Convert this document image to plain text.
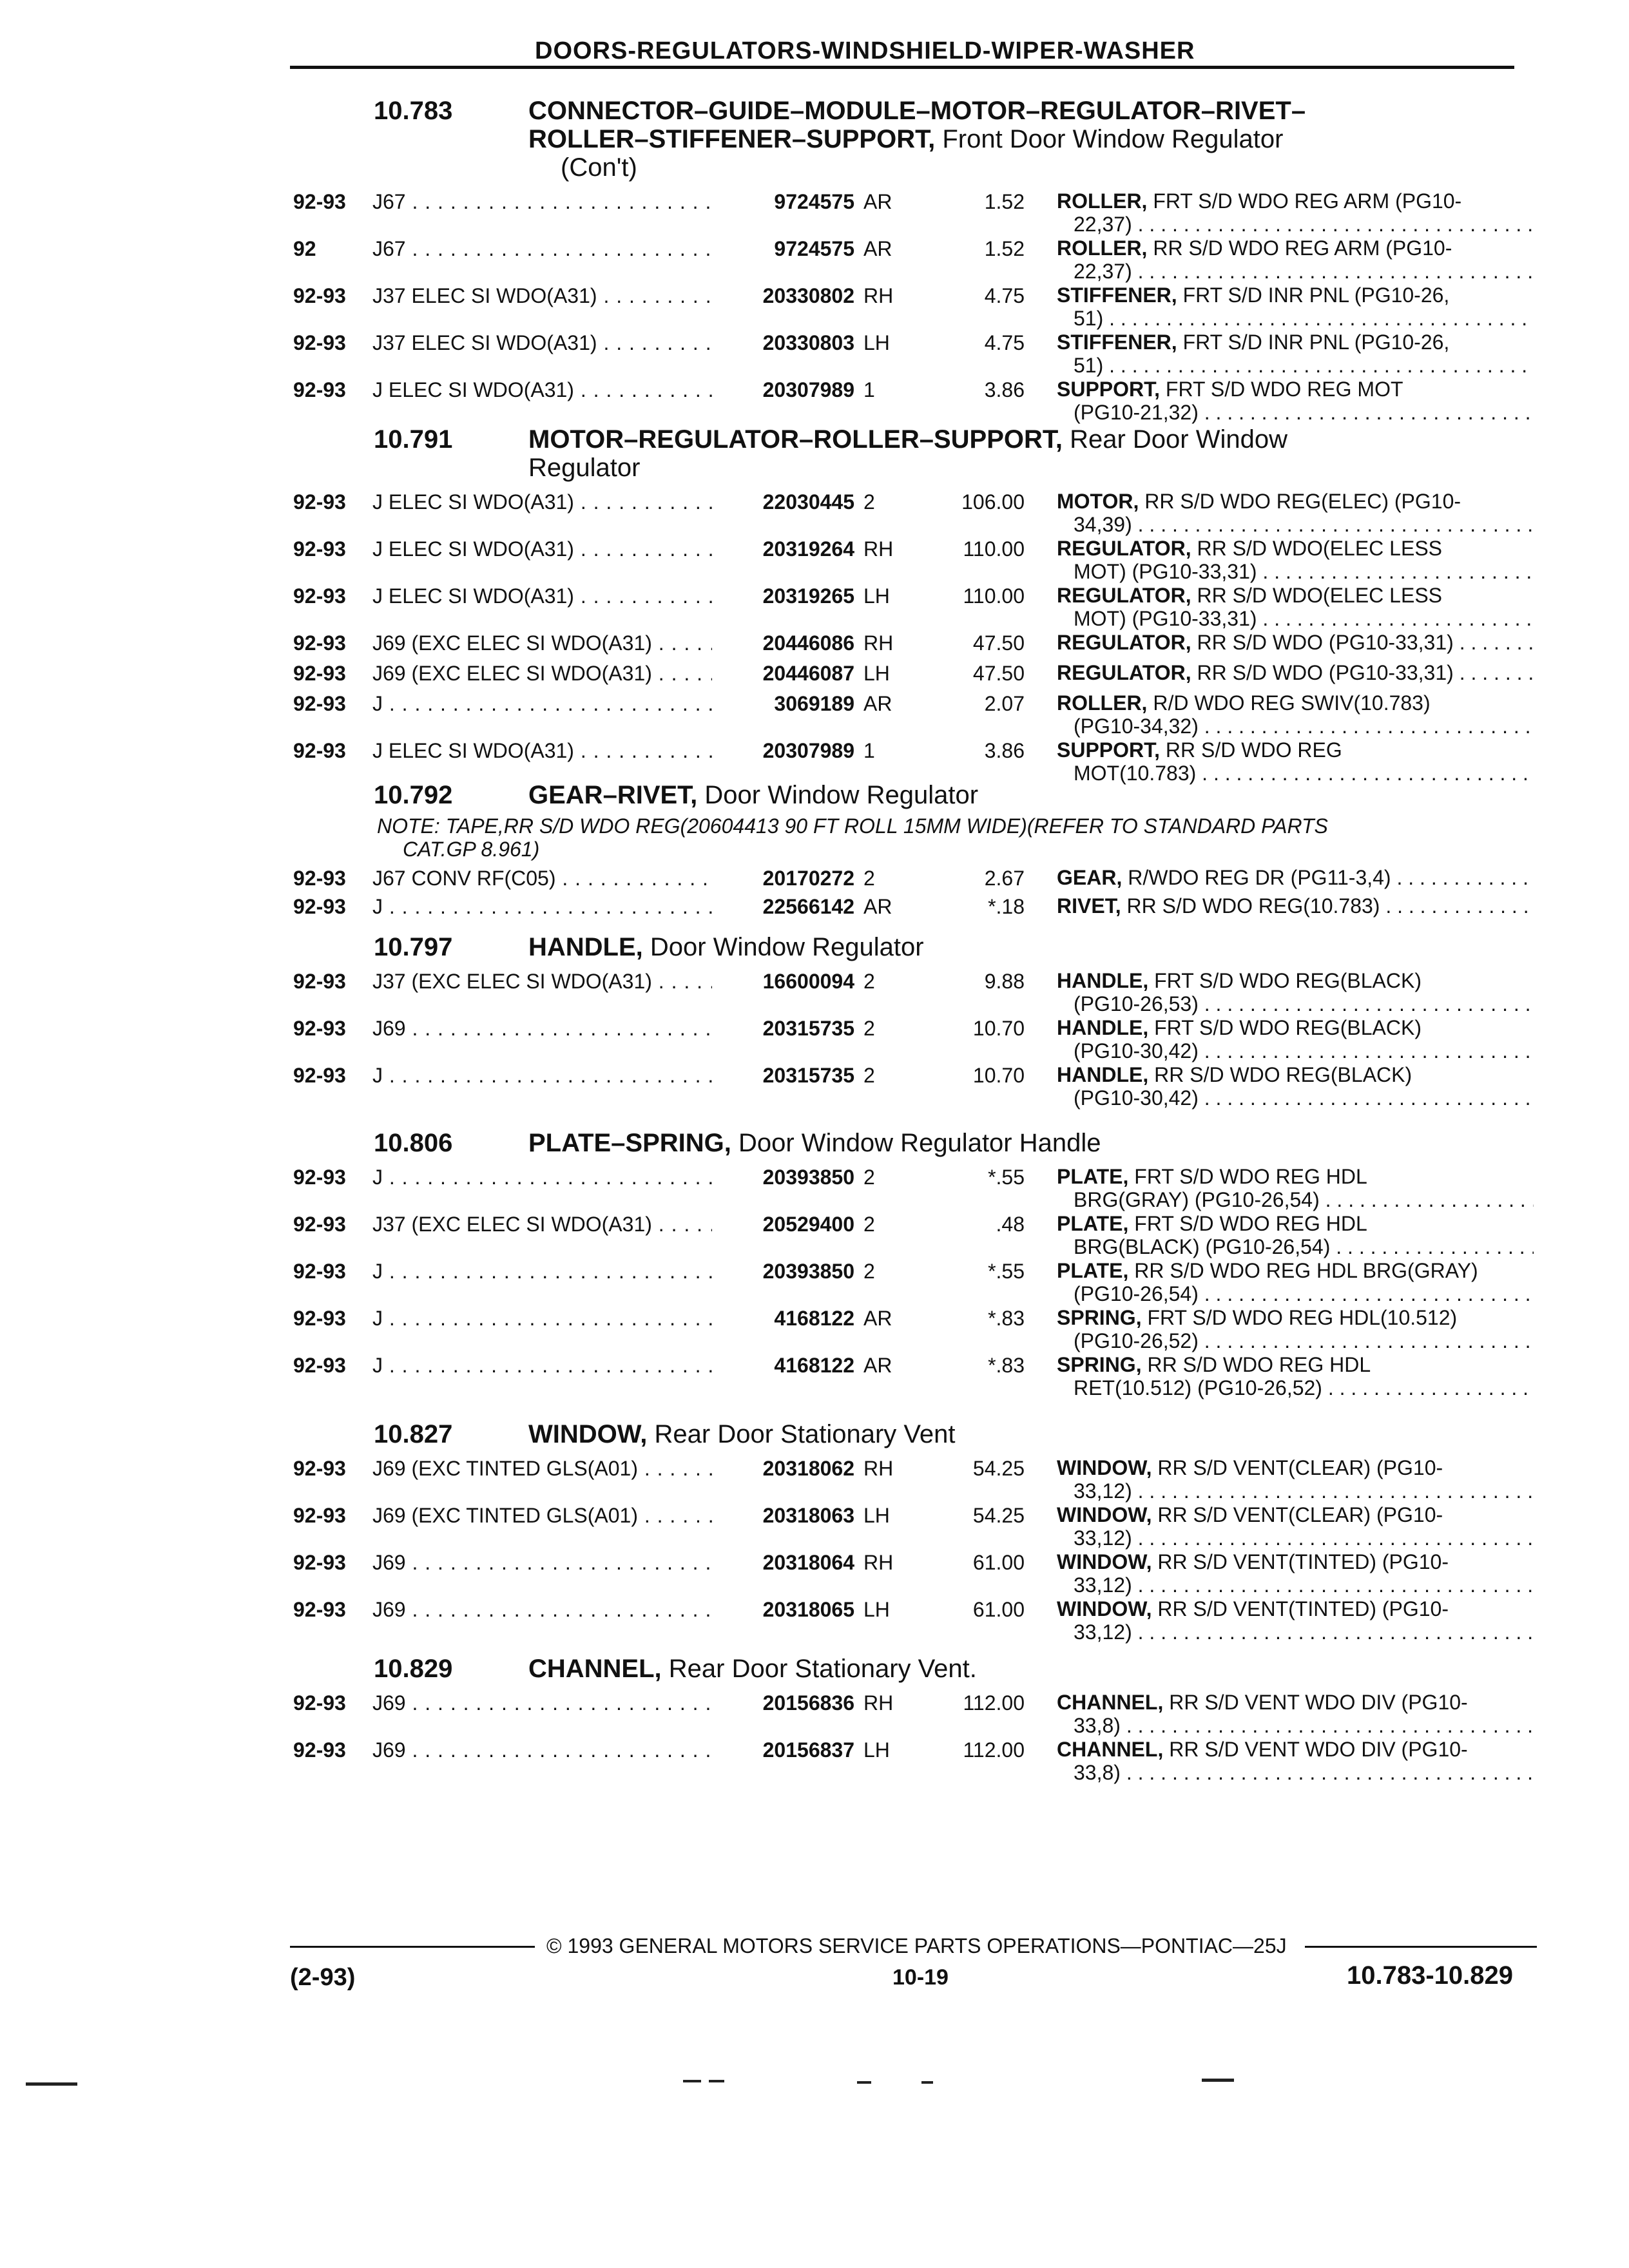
DOORS-REGULATORS-WINDSHIELD-WIPER-WASHER
10.783	CONNECTOR–GUIDE–MODULE–MOTOR–REGULATOR–RIVET–
ROLLER–STIFFENER–SUPPORT, Front Door Window Regulator
(Con't)
92-93 J67 . . .	9724575 AR	1.52 ROLLER, FRT S/D WDO REG ARM (PG10-
22,37) . . .
92	J67 . . .	9724575 AR	1.52 ROLLER, RR S/D WDO REG ARM (PG10-
22,37) . . .
92-93 J37 ELEC SI WDO(A31) . . .	20330802 RH	4.75 STIFFENER, FRT S/D INR PNL (PG10-26,
51) . . .
92-93 J37 ELEC SI WDO(A31) . . .	20330803 LH	4.75 STIFFENER, FRT S/D INR PNL (PG10-26,
51) . . .
92-93 J ELEC SI WDO(A31) . . .	20307989 1	3.86 SUPPORT, FRT S/D WDO REG MOT
(PG10-21,32) . . .
10.791	MOTOR–REGULATOR–ROLLER–SUPPORT, Rear Door Window
Regulator
92-93 J ELEC SI WDO(A31) . . .	22030445 2	106.00 MOTOR, RR S/D WDO REG(ELEC) (PG10-
34,39) . . .
92-93 J ELEC SI WDO(A31) . . .	20319264 RH	110.00 REGULATOR, RR S/D WDO(ELEC LESS
MOT) (PG10-33,31) . . .
92-93 J ELEC SI WDO(A31) . . .	20319265 LH	110.00 REGULATOR, RR S/D WDO(ELEC LESS
MOT) (PG10-33,31) . . .
92-93 J69 (EXC ELEC SI WDO(A31) . . .	20446086 RH	47.50 REGULATOR, RR S/D WDO (PG10-33,31) . . .
92-93 J69 (EXC ELEC SI WDO(A31) . . .	20446087 LH	47.50 REGULATOR, RR S/D WDO (PG10-33,31) . . .
92-93 J . . .	3069189 AR	2.07 ROLLER, R/D WDO REG SWIV(10.783)
(PG10-34,32) . . .
92-93 J ELEC SI WDO(A31) . . .	20307989 1	3.86 SUPPORT, RR S/D WDO REG
MOT(10.783) . . .
10.792	GEAR–RIVET, Door Window Regulator
NOTE: TAPE,RR S/D WDO REG(20604413 90 FT ROLL 15MM WIDE)(REFER TO STANDARD PARTS
CAT.GP 8.961)
92-93 J67 CONV RF(C05) . . .	20170272 2	2.67 GEAR, R/WDO REG DR (PG11-3,4) . . .
92-93 J . . .	22566142 AR	*.18 RIVET, RR S/D WDO REG(10.783) . . .
10.797	HANDLE, Door Window Regulator
92-93 J37 (EXC ELEC SI WDO(A31) . . .	16600094 2	9.88 HANDLE, FRT S/D WDO REG(BLACK)
(PG10-26,53) . . .
92-93 J69 . . .	20315735 2	10.70 HANDLE, FRT S/D WDO REG(BLACK)
(PG10-30,42) . . .
92-93 J . . .	20315735 2	10.70 HANDLE, RR S/D WDO REG(BLACK)
(PG10-30,42) . . .
10.806	PLATE–SPRING, Door Window Regulator Handle
92-93 J . . .	20393850 2	*.55 PLATE, FRT S/D WDO REG HDL
BRG(GRAY) (PG10-26,54) . . .
92-93 J37 (EXC ELEC SI WDO(A31) . . .	20529400 2	.48 PLATE, FRT S/D WDO REG HDL
BRG(BLACK) (PG10-26,54) . . .
92-93 J . . .	20393850 2	*.55 PLATE, RR S/D WDO REG HDL BRG(GRAY)
(PG10-26,54) . . .
92-93 J . . .	4168122 AR	*.83 SPRING, FRT S/D WDO REG HDL(10.512)
(PG10-26,52) . . .
92-93 J . . .	4168122 AR	*.83 SPRING, RR S/D WDO REG HDL
RET(10.512) (PG10-26,52) . . .
10.827	WINDOW, Rear Door Stationary Vent
92-93 J69 (EXC TINTED GLS(A01) . . .	20318062 RH	54.25 WINDOW, RR S/D VENT(CLEAR) (PG10-
33,12) . . .
92-93 J69 (EXC TINTED GLS(A01) . . .	20318063 LH	54.25 WINDOW, RR S/D VENT(CLEAR) (PG10-
33,12) . . .
92-93 J69 . . .	20318064 RH	61.00 WINDOW, RR S/D VENT(TINTED) (PG10-
33,12) . . .
92-93 J69 . . .	20318065 LH	61.00 WINDOW, RR S/D VENT(TINTED) (PG10-
33,12) . . .
10.829	CHANNEL, Rear Door Stationary Vent.
92-93 J69 . . .	20156836 RH	112.00 CHANNEL, RR S/D VENT WDO DIV (PG10-
33,8) . . .
92-93 J69 . . .	20156837 LH	112.00 CHANNEL, RR S/D VENT WDO DIV (PG10-
33,8) . . .
© 1993 GENERAL MOTORS SERVICE PARTS OPERATIONS—PONTIAC—25J
(2-93)	10-19	10.783-10.829
